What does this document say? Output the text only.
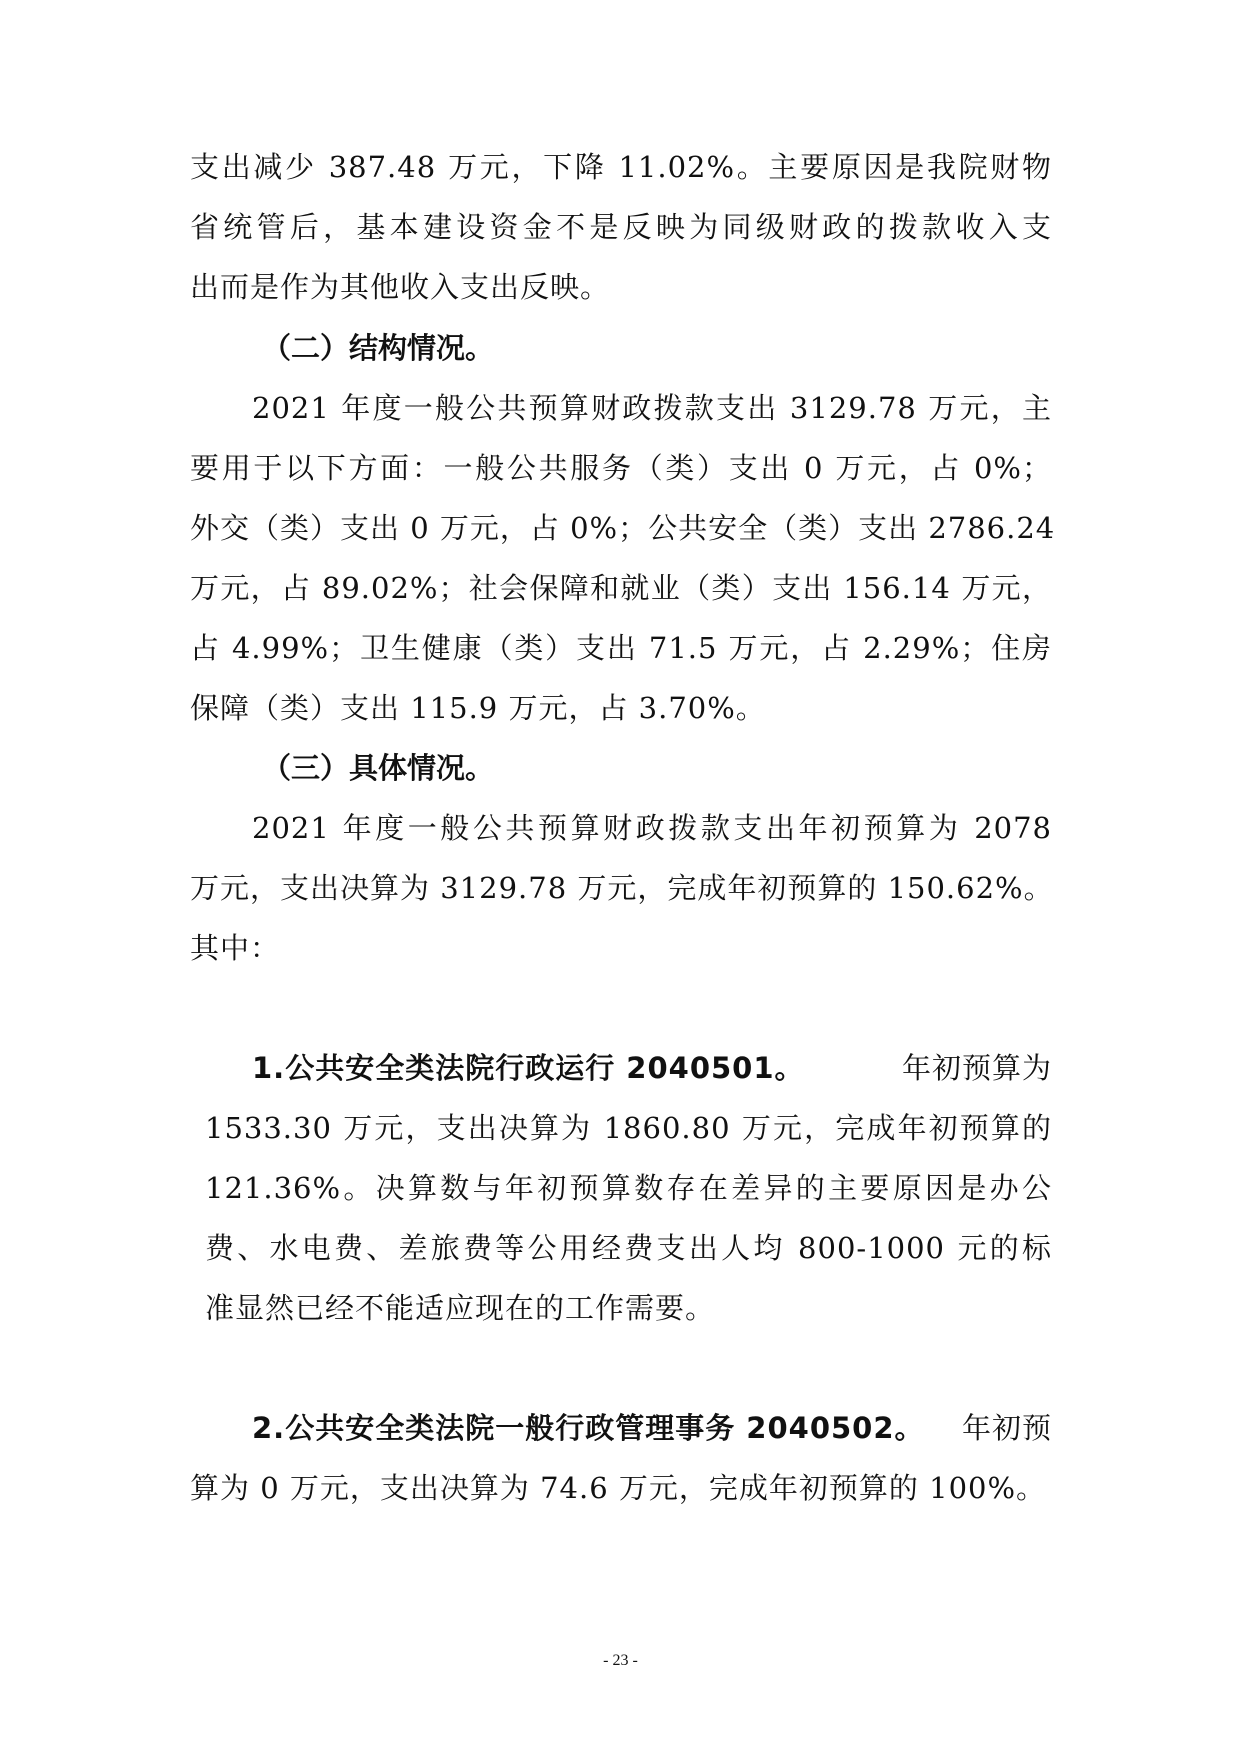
支出减少 387.48 万元，下降 11.02%。主要原因是我院财物
省统管后，基本建设资金不是反映为同级财政的拨款收入支
出而是作为其他收入支出反映。
（二）结构情况。
2021 年度一般公共预算财政拨款支出 3129.78 万元，主
要用于以下方面：一般公共服务（类）支出 0 万元，占 0%；
外交（类）支出 0 万元，占 0%；公共安全（类）支出 2786.24
万元，占 89.02%；社会保障和就业（类）支出 156.14 万元，
占 4.99%；卫生健康（类）支出 71.5 万元，占 2.29%；住房
保障（类）支出 115.9 万元，占 3.70%。
（三）具体情况。
2021 年度一般公共预算财政拨款支出年初预算为 2078
万元，支出决算为 3129.78 万元，完成年初预算的 150.62%。
其中：
1.公共安全类法院行政运行 2040501。	年初预算为
1533.30 万元，支出决算为 1860.80 万元，完成年初预算的
121.36%。决算数与年初预算数存在差异的主要原因是办公
费、水电费、差旅费等公用经费支出人均 800-1000 元的标
准显然已经不能适应现在的工作需要。
2.公共安全类法院一般行政管理事务 2040502。 年初预
算为 0 万元，支出决算为 74.6 万元，完成年初预算的 100%。
- 23 -
